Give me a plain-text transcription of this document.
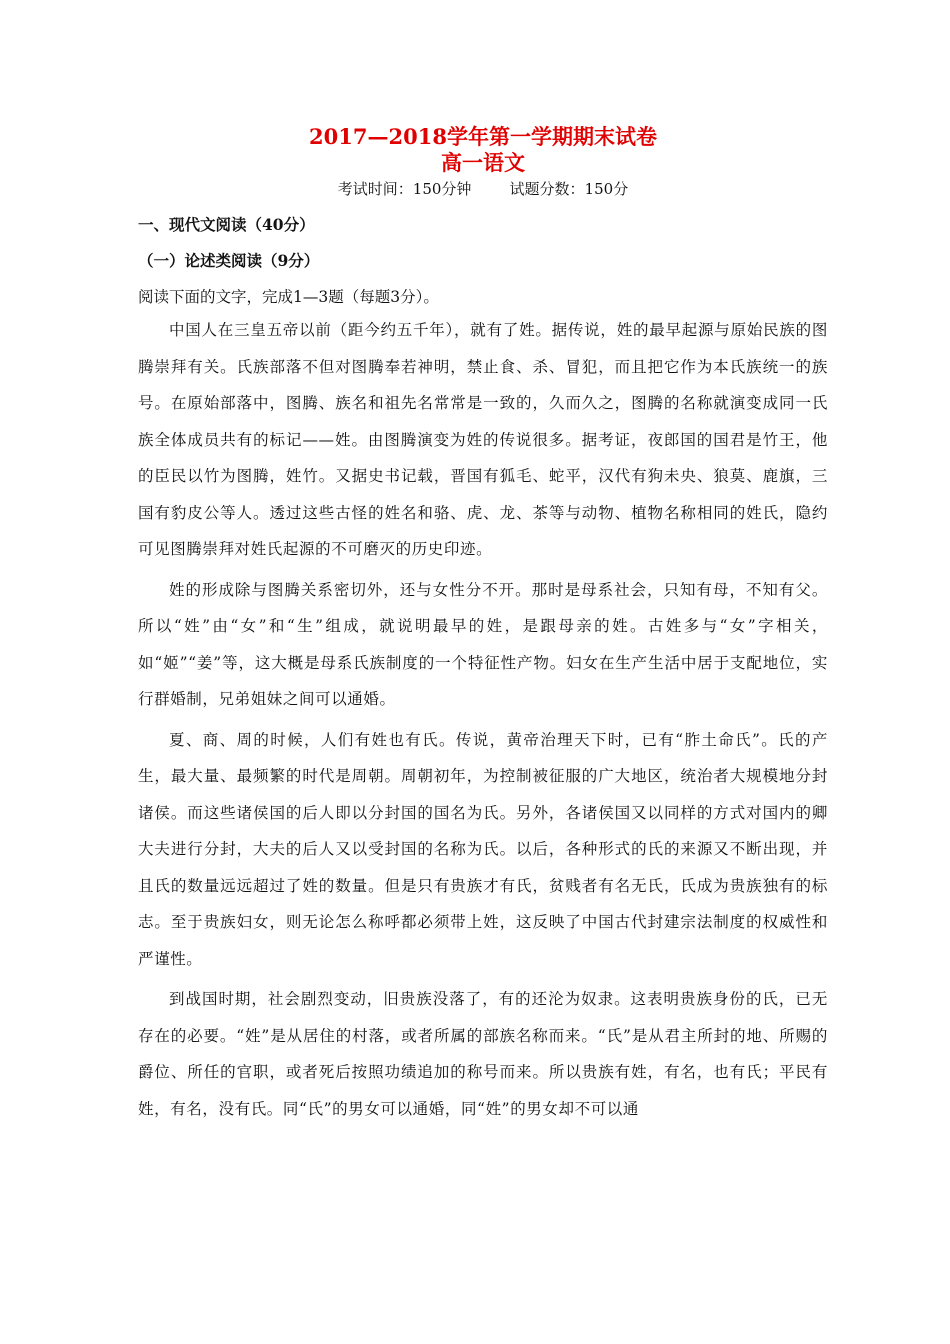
2017—2018学年第一学期期末试卷
高一语文
考试时间：150分钟        试题分数：150分
一、现代文阅读（40分）
（一）论述类阅读（9分）
阅读下面的文字，完成1—3题（每题3分）。

中国人在三皇五帝以前（距今约五千年），就有了姓。据传说，姓的最早起源与原始民族的图腾崇拜有关。氏族部落不但对图腾奉若神明，禁止食、杀、冒犯，而且把它作为本氏族统一的族号。在原始部落中，图腾、族名和祖先名常常是一致的，久而久之，图腾的名称就演变成同一氏族全体成员共有的标记——姓。由图腾演变为姓的传说很多。据考证，夜郎国的国君是竹王，他的臣民以竹为图腾，姓竹。又据史书记载，晋国有狐毛、蛇平，汉代有狗未央、狼莫、鹿旗，三国有豹皮公等人。透过这些古怪的姓名和骆、虎、龙、茶等与动物、植物名称相同的姓氏，隐约可见图腾崇拜对姓氏起源的不可磨灭的历史印迹。

姓的形成除与图腾关系密切外，还与女性分不开。那时是母系社会，只知有母，不知有父。所以“姓”由“女”和“生”组成，就说明最早的姓，是跟母亲的姓。古姓多与“女”字相关，如“姬”“姜”等，这大概是母系氏族制度的一个特征性产物。妇女在生产生活中居于支配地位，实行群婚制，兄弟姐妹之间可以通婚。

夏、商、周的时候，人们有姓也有氏。传说，黄帝治理天下时，已有“胙土命氏”。氏的产生，最大量、最频繁的时代是周朝。周朝初年，为控制被征服的广大地区，统治者大规模地分封诸侯。而这些诸侯国的后人即以分封国的国名为氏。另外，各诸侯国又以同样的方式对国内的卿大夫进行分封，大夫的后人又以受封国的名称为氏。以后，各种形式的氏的来源又不断出现，并且氏的数量远远超过了姓的数量。但是只有贵族才有氏，贫贱者有名无氏，氏成为贵族独有的标志。至于贵族妇女，则无论怎么称呼都必须带上姓，这反映了中国古代封建宗法制度的权威性和严谨性。

到战国时期，社会剧烈变动，旧贵族没落了，有的还沦为奴隶。这表明贵族身份的氏，已无存在的必要。“姓”是从居住的村落，或者所属的部族名称而来。“氏”是从君主所封的地、所赐的爵位、所任的官职，或者死后按照功绩追加的称号而来。所以贵族有姓，有名，也有氏；平民有姓，有名，没有氏。同“氏”的男女可以通婚，同“姓”的男女却不可以通
